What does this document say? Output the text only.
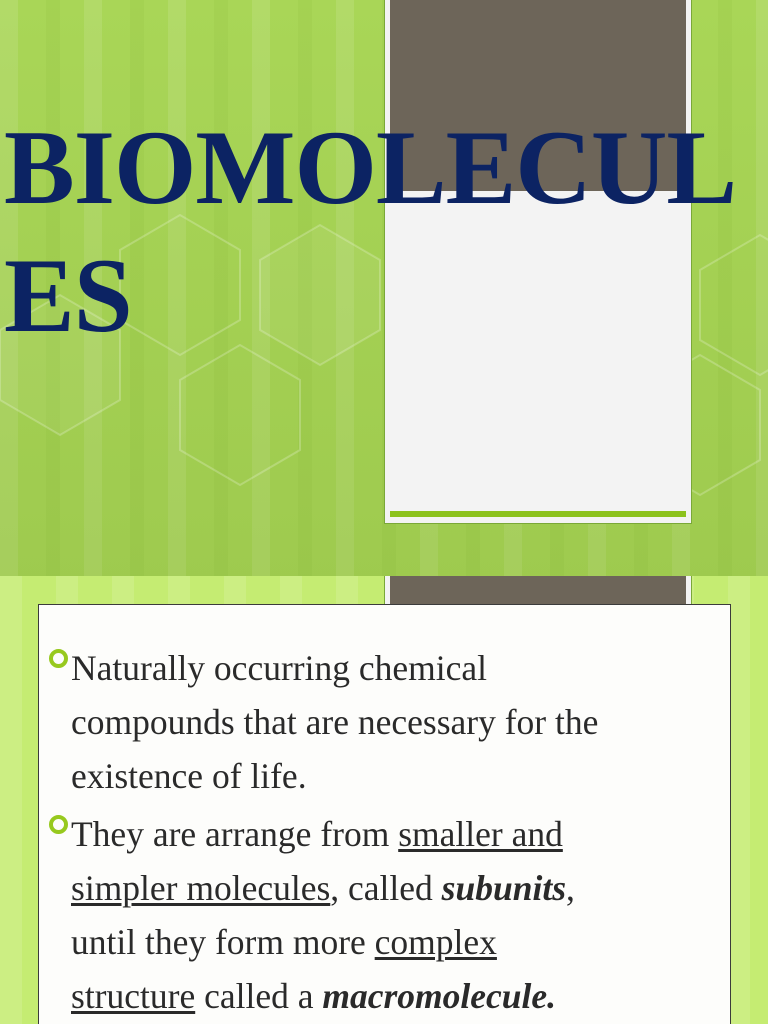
BIOMOLECULES
Naturally occurring chemical
compounds that are necessary for the
existence of life.
They are arrange from smaller and
simpler molecules, called subunits,
until they form more complex
structure called a macromolecule.
